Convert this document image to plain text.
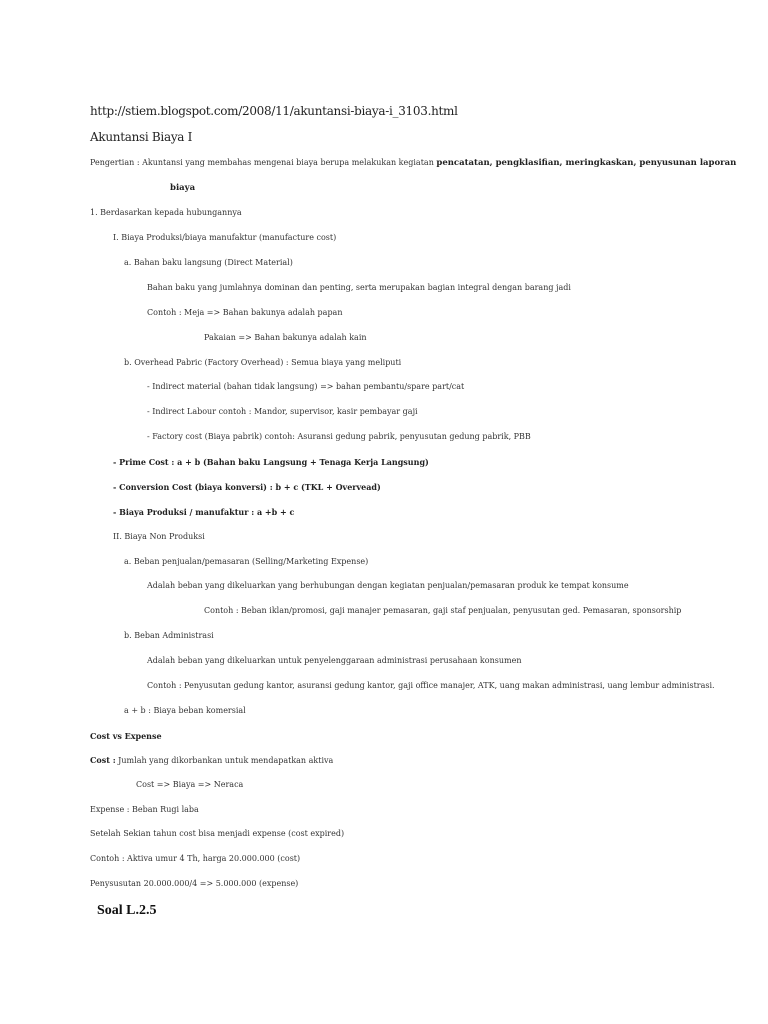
http://stiem.blogspot.com/2008/11/akuntansi-biaya-i_3103.html
Akuntansi Biaya I
Pengertian : Akuntansi yang membahas mengenai biaya berupa melakukan kegiatan pencatatan, pengklasifian, meringkaskan, penyusunan laporan
biaya
1. Berdasarkan kepada hubungannya
I. Biaya Produksi/biaya manufaktur (manufacture cost)
a. Bahan baku langsung (Direct Material)
Bahan baku yang jumlahnya dominan dan penting, serta merupakan bagian integral dengan barang jadi
Contoh : Meja => Bahan bakunya adalah papan
Pakaian => Bahan bakunya adalah kain
b. Overhead Pabric (Factory Overhead) : Semua biaya yang meliputi
- Indirect material (bahan tidak langsung) => bahan pembantu/spare part/cat
- Indirect Labour contoh : Mandor, supervisor, kasir pembayar gaji
- Factory cost (Biaya pabrik) contoh: Asuransi gedung pabrik, penyusutan gedung pabrik, PBB
- Prime Cost : a + b (Bahan baku Langsung + Tenaga Kerja Langsung)
- Conversion Cost (biaya konversi) : b + c (TKL + Overvead)
- Biaya Produksi / manufaktur : a +b + c
II. Biaya Non Produksi
a. Beban penjualan/pemasaran (Selling/Marketing Expense)
Adalah beban yang dikeluarkan yang berhubungan dengan kegiatan penjualan/pemasaran produk ke tempat konsume
Contoh : Beban iklan/promosi, gaji manajer pemasaran, gaji staf penjualan, penyusutan ged. Pemasaran, sponsorship
b. Beban Administrasi
Adalah beban yang dikeluarkan untuk penyelenggaraan administrasi perusahaan konsumen
Contoh : Penyusutan gedung kantor, asuransi gedung kantor, gaji office manajer, ATK, uang makan administrasi, uang lembur administrasi.
a + b : Biaya beban komersial
Cost vs Expense
Cost : Jumlah yang dikorbankan untuk mendapatkan aktiva
Cost => Biaya => Neraca
Expense : Beban Rugi laba
Setelah Sekian tahun cost bisa menjadi expense (cost expired)
Contoh : Aktiva umur 4 Th, harga 20.000.000 (cost)
Penysusutan 20.000.000/4 => 5.000.000 (expense)
Soal L.2.5
